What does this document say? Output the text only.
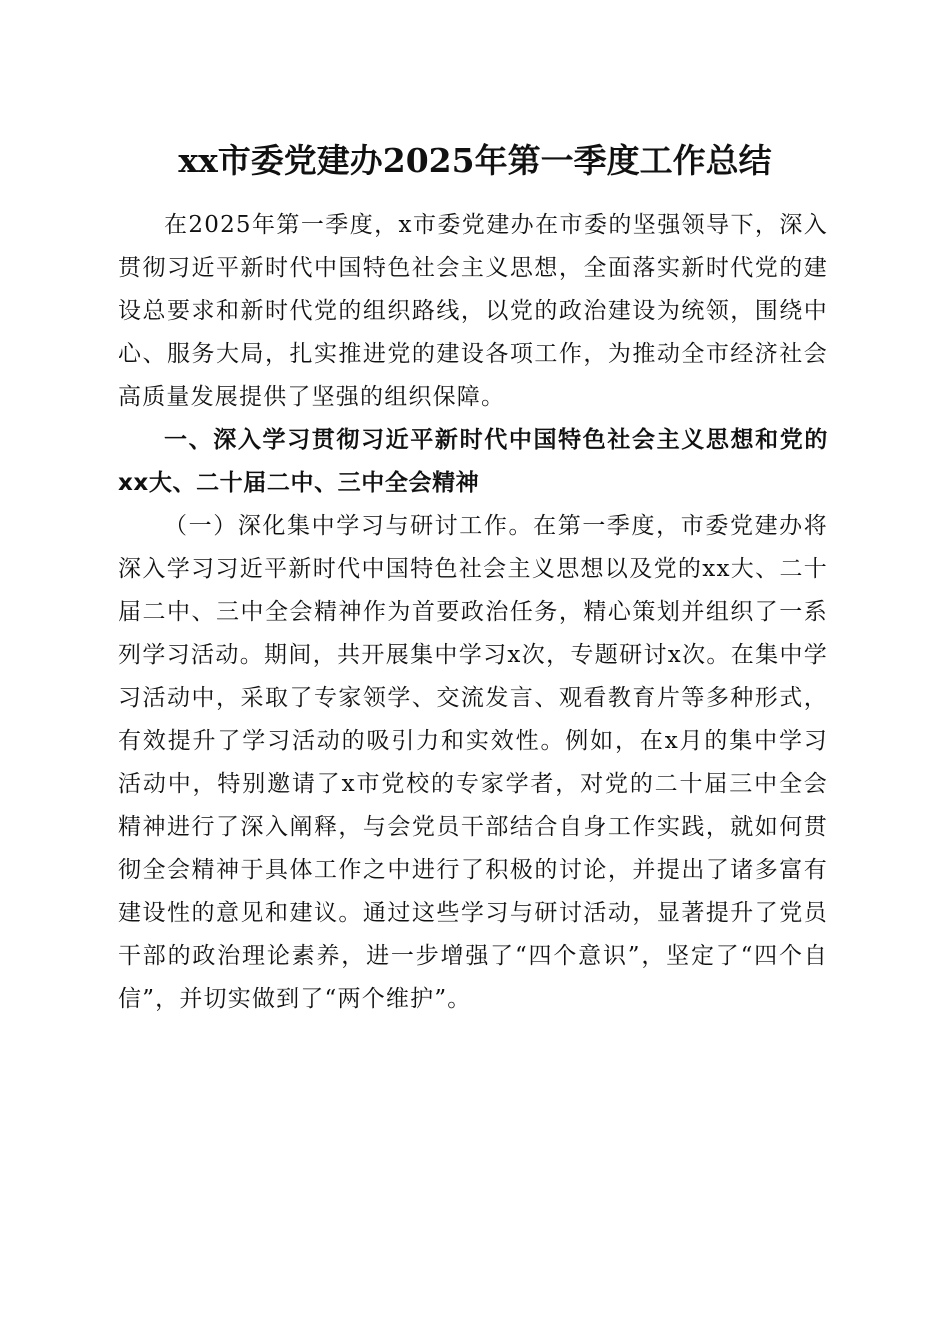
xx市委党建办2025年第一季度工作总结

在2025年第一季度，x市委党建办在市委的坚强领导下，深入贯彻习近平新时代中国特色社会主义思想，全面落实新时代党的建设总要求和新时代党的组织路线，以党的政治建设为统领，围绕中心、服务大局，扎实推进党的建设各项工作，为推动全市经济社会高质量发展提供了坚强的组织保障。

一、深入学习贯彻习近平新时代中国特色社会主义思想和党的xx大、二十届二中、三中全会精神

（一）深化集中学习与研讨工作。在第一季度，市委党建办将深入学习习近平新时代中国特色社会主义思想以及党的xx大、二十届二中、三中全会精神作为首要政治任务，精心策划并组织了一系列学习活动。期间，共开展集中学习x次，专题研讨x次。在集中学习活动中，采取了专家领学、交流发言、观看教育片等多种形式，有效提升了学习活动的吸引力和实效性。例如，在x月的集中学习活动中，特别邀请了x市党校的专家学者，对党的二十届三中全会精神进行了深入阐释，与会党员干部结合自身工作实践，就如何贯彻全会精神于具体工作之中进行了积极的讨论，并提出了诸多富有建设性的意见和建议。通过这些学习与研讨活动，显著提升了党员干部的政治理论素养，进一步增强了“四个意识”，坚定了“四个自信”，并切实做到了“两个维护”。
